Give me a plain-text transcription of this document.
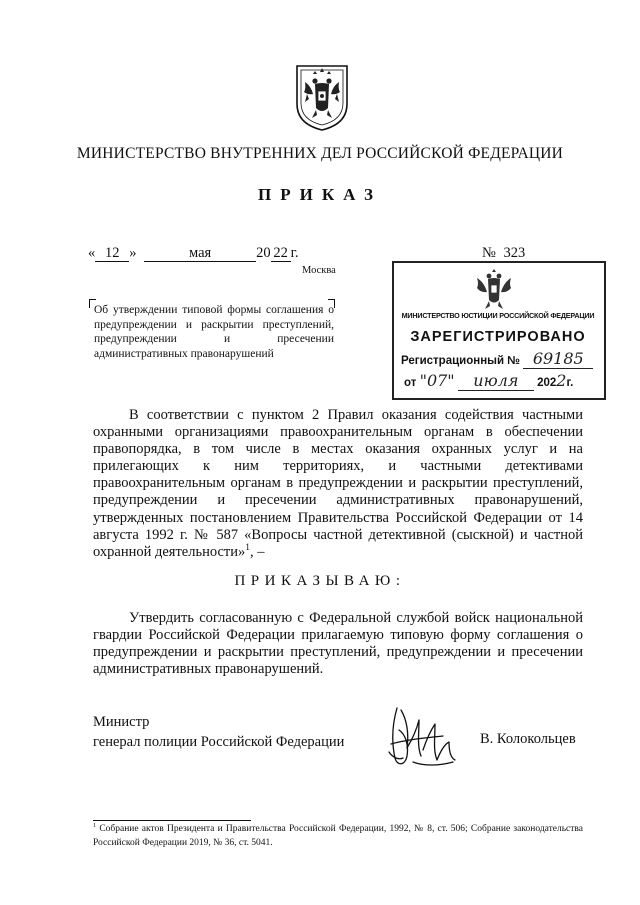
МИНИСТЕРСТВО ВНУТРЕННИХ ДЕЛ РОССИЙСКОЙ ФЕДЕРАЦИИ
ПРИКАЗ
« 12 »	мая	20 22 г.	№ 323
Москва
Об утверждении типовой формы соглашения о предупреждении и раскрытии преступлений, предупреждении и пресечении административных правонарушений
МИНИСТЕРСТВО ЮСТИЦИИ РОССИЙСКОЙ ФЕДЕРАЦИИ
ЗАРЕГИСТРИРОВАНО
Регистрационный № 69185
от "07" июля 2022г.
В соответствии с пунктом 2 Правил оказания содействия частными охранными организациями правоохранительным органам в обеспечении правопорядка, в том числе в местах оказания охранных услуг и на прилегающих к ним территориях, и частными детективами правоохранительным органам в предупреждении и раскрытии преступлений, предупреждении и пресечении административных правонарушений, утвержденных постановлением Правительства Российской Федерации от 14 августа 1992 г. № 587 «Вопросы частной детективной (сыскной) и частной охранной деятельности»$^1$, –
ПРИКАЗЫВАЮ:
Утвердить согласованную с Федеральной службой войск национальной гвардии Российской Федерации прилагаемую типовую форму соглашения о предупреждении и раскрытии преступлений, предупреждении и пресечении административных правонарушений.
Министр
генерал полиции Российской Федерации	В. Колокольцев
$^1$ Собрание актов Президента и Правительства Российской Федерации, 1992, № 8, ст. 506; Собрание законодательства Российской Федерации 2019, № 36, ст. 5041.
